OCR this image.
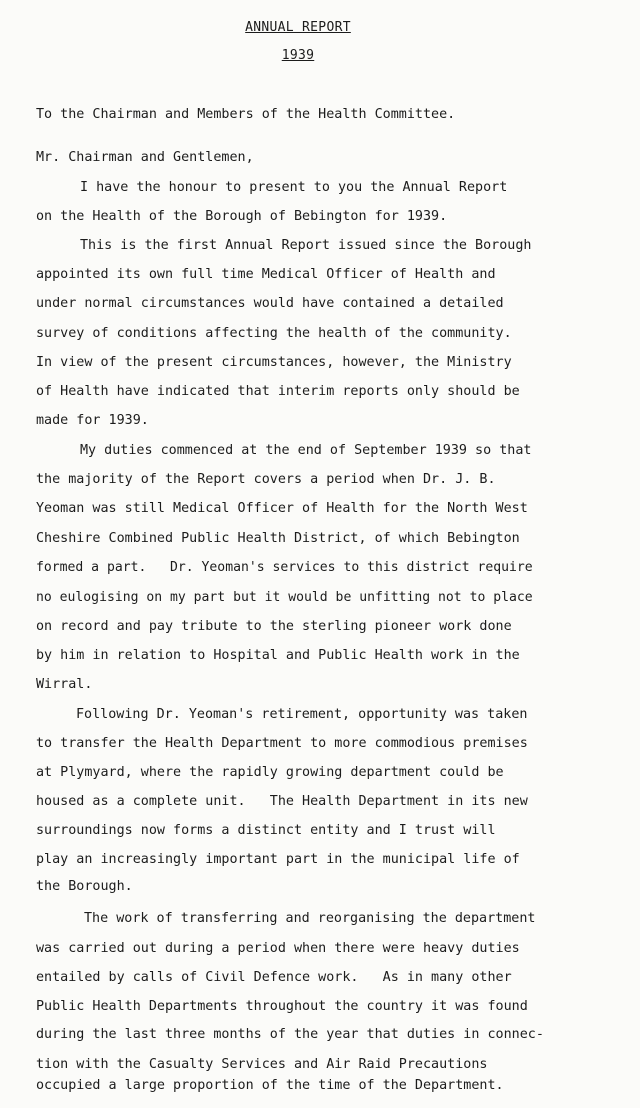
ANNUAL REPORT
1939
To the Chairman and Members of the Health Committee.
Mr. Chairman and Gentlemen,
I have the honour to present to you the Annual Report
on the Health of the Borough of Bebington for 1939.
This is the first Annual Report issued since the Borough
appointed its own full time Medical Officer of Health and
under normal circumstances would have contained a detailed
survey of conditions affecting the health of the community.
In view of the present circumstances, however, the Ministry
of Health have indicated that interim reports only should be
made for 1939.
My duties commenced at the end of September 1939 so that
the majority of the Report covers a period when Dr. J. B.
Yeoman was still Medical Officer of Health for the North West
Cheshire Combined Public Health District, of which Bebington
formed a part.   Dr. Yeoman's services to this district require
no eulogising on my part but it would be unfitting not to place
on record and pay tribute to the sterling pioneer work done
by him in relation to Hospital and Public Health work in the
Wirral.
Following Dr. Yeoman's retirement, opportunity was taken
to transfer the Health Department to more commodious premises
at Plymyard, where the rapidly growing department could be
housed as a complete unit.   The Health Department in its new
surroundings now forms a distinct entity and I trust will
play an increasingly important part in the municipal life of
the Borough.
The work of transferring and reorganising the department
was carried out during a period when there were heavy duties
entailed by calls of Civil Defence work.   As in many other
Public Health Departments throughout the country it was found
during the last three months of the year that duties in connec-
tion with the Casualty Services and Air Raid Precautions
occupied a large proportion of the time of the Department.
